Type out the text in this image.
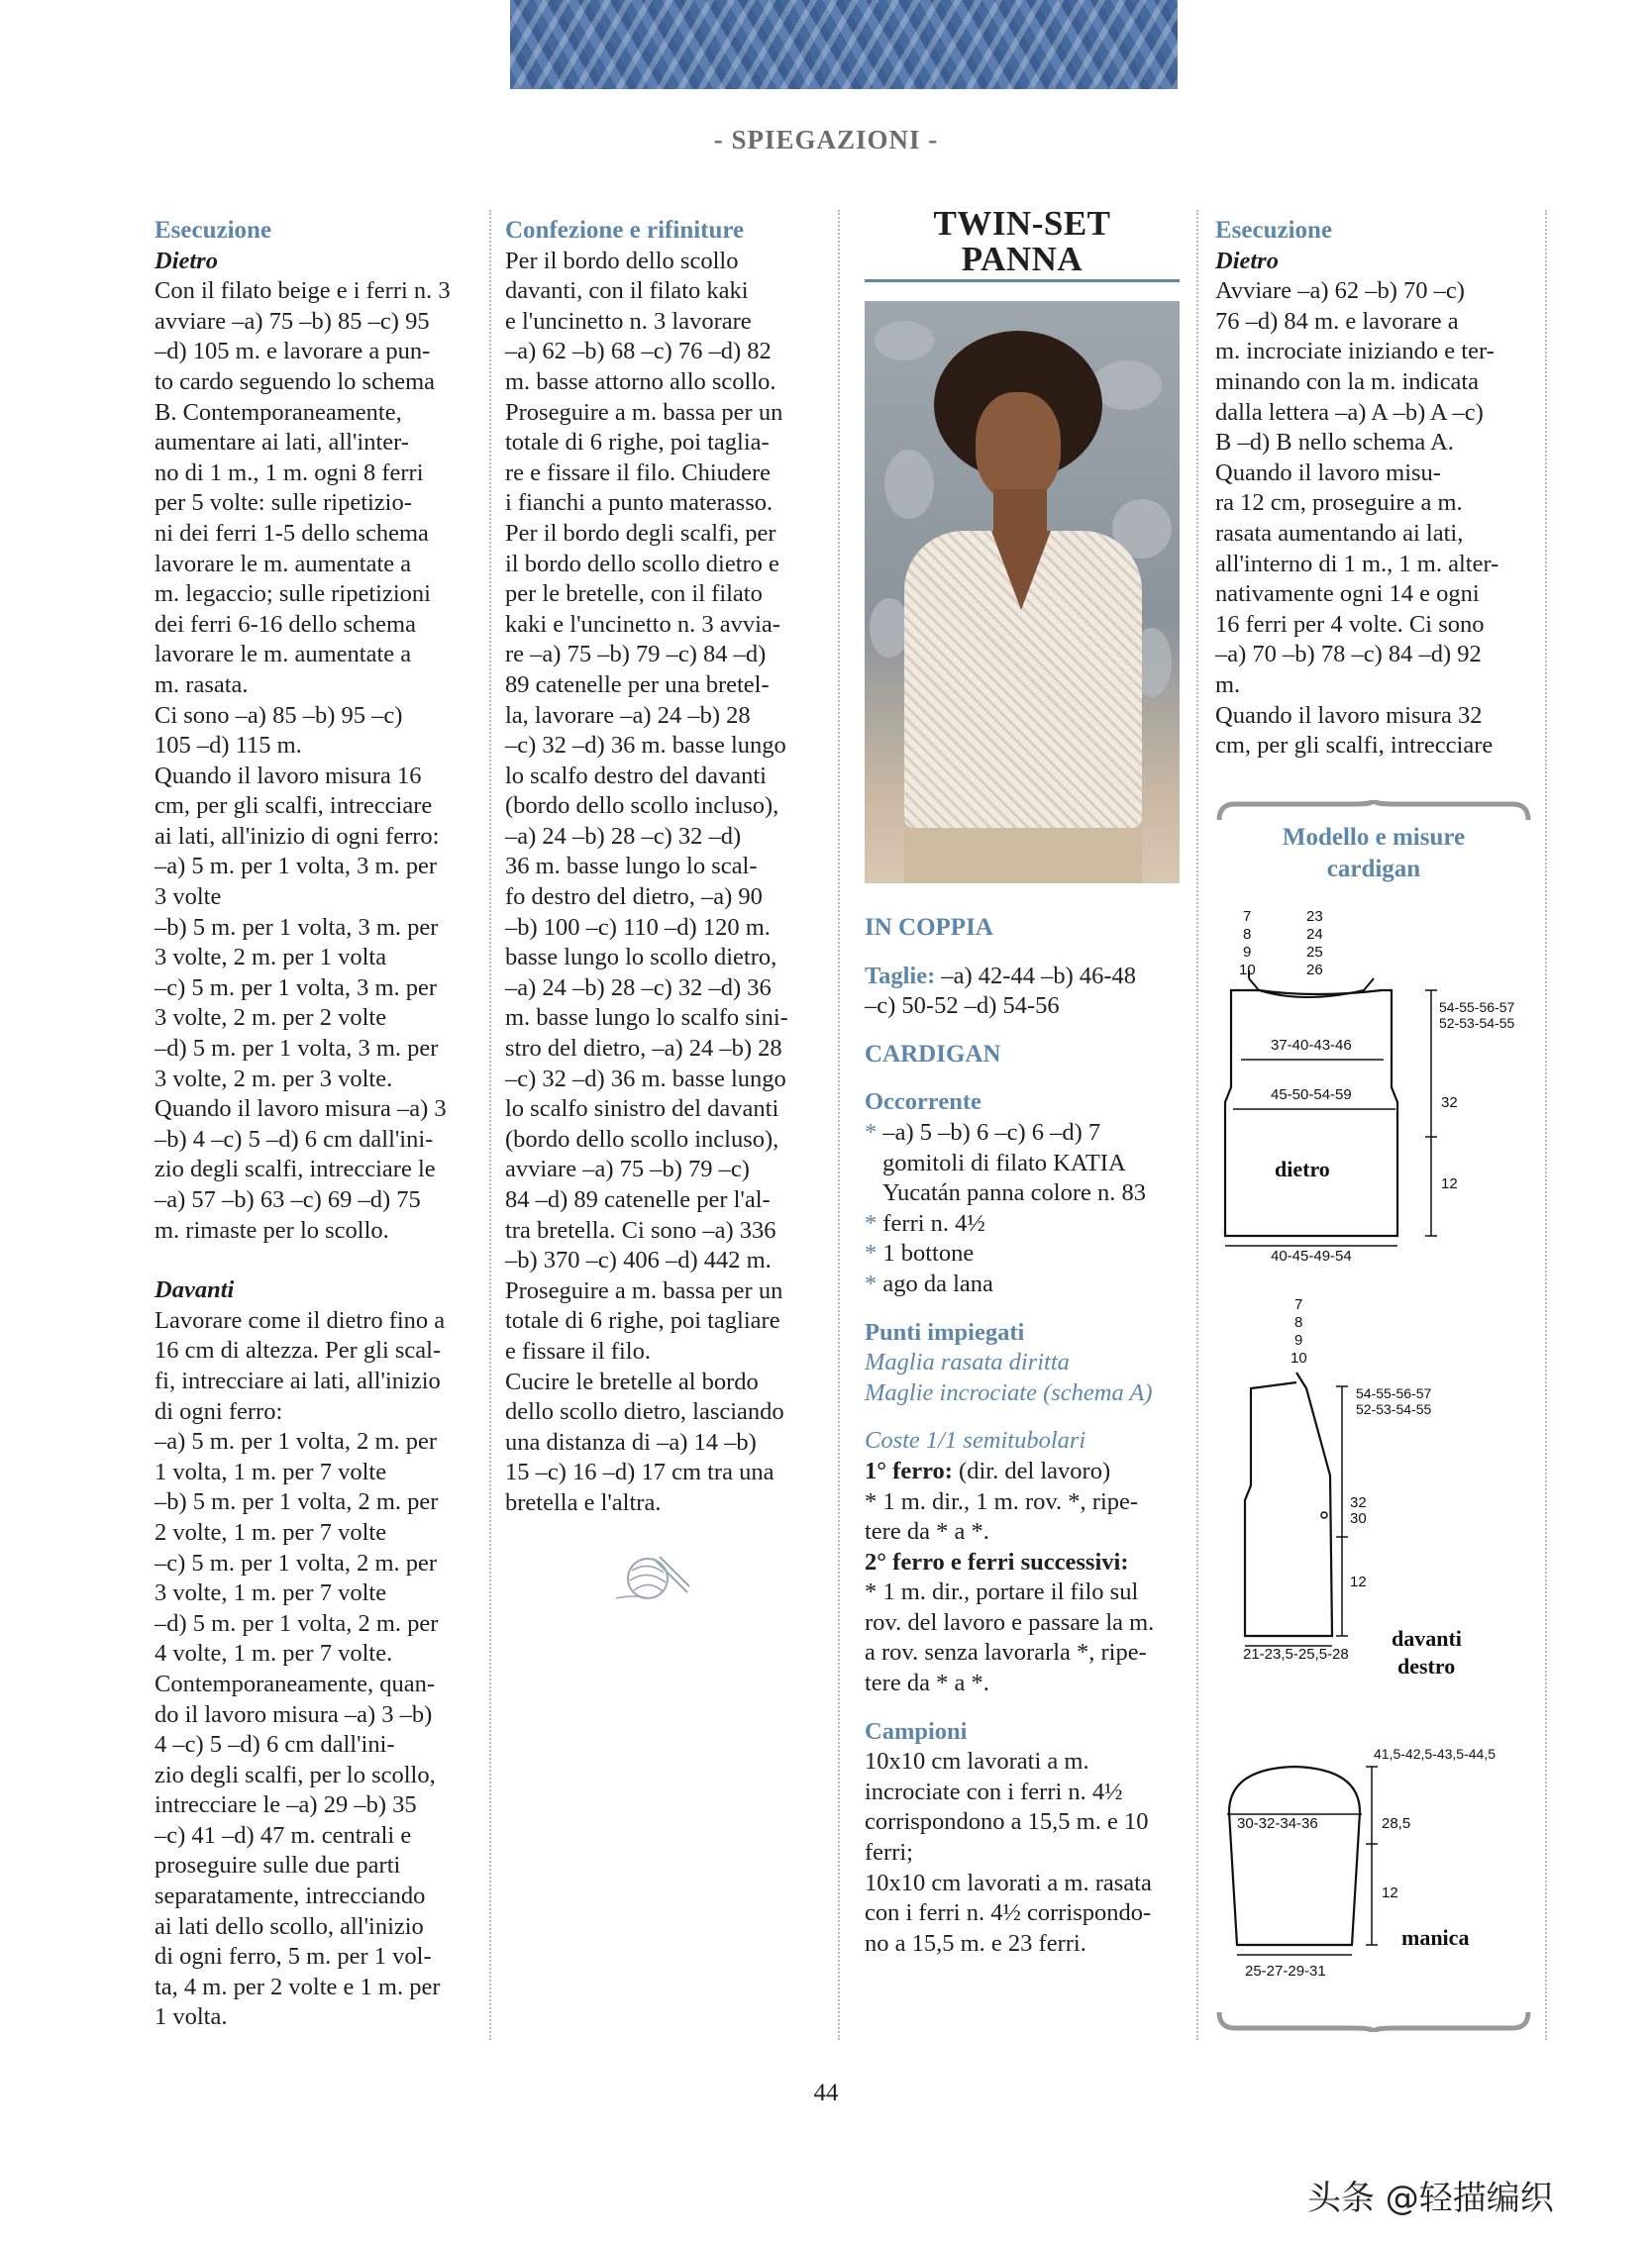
- SPIEGAZIONI -

Esecuzione

Dietro

Con il filato beige e i ferri n. 3

avviare –a) 75 –b) 85 –c) 95

–d) 105 m. e lavorare a pun-

to cardo seguendo lo schema

B. Contemporaneamente,

aumentare ai lati, all'inter-

no di 1 m., 1 m. ogni 8 ferri

per 5 volte: sulle ripetizio-

ni dei ferri 1-5 dello schema

lavorare le m. aumentate a

m. legaccio; sulle ripetizioni

dei ferri 6-16 dello schema

lavorare le m. aumentate a

m. rasata.

Ci sono –a) 85 –b) 95 –c)

105 –d) 115 m.

Quando il lavoro misura 16

cm, per gli scalfi, intrecciare

ai lati, all'inizio di ogni ferro:

–a) 5 m. per 1 volta, 3 m. per

3 volte

–b) 5 m. per 1 volta, 3 m. per

3 volte, 2 m. per 1 volta

–c) 5 m. per 1 volta, 3 m. per

3 volte, 2 m. per 2 volte

–d) 5 m. per 1 volta, 3 m. per

3 volte, 2 m. per 3 volte.

Quando il lavoro misura –a) 3

–b) 4 –c) 5 –d) 6 cm dall'ini-

zio degli scalfi, intrecciare le

–a) 57 –b) 63 –c) 69 –d) 75

m. rimaste per lo scollo.

Davanti

Lavorare come il dietro fino a

16 cm di altezza. Per gli scal-

fi, intrecciare ai lati, all'inizio

di ogni ferro:

–a) 5 m. per 1 volta, 2 m. per

1 volta, 1 m. per 7 volte

–b) 5 m. per 1 volta, 2 m. per

2 volte, 1 m. per 7 volte

–c) 5 m. per 1 volta, 2 m. per

3 volte, 1 m. per 7 volte

–d) 5 m. per 1 volta, 2 m. per

4 volte, 1 m. per 7 volte.

Contemporaneamente, quan-

do il lavoro misura –a) 3 –b)

4 –c) 5 –d) 6 cm dall'ini-

zio degli scalfi, per lo scollo,

intrecciare le –a) 29 –b) 35

–c) 41 –d) 47 m. centrali e

proseguire sulle due parti

separatamente, intrecciando

ai lati dello scollo, all'inizio

di ogni ferro, 5 m. per 1 vol-

ta, 4 m. per 2 volte e 1 m. per

1 volta.

Confezione e rifiniture

Per il bordo dello scollo

davanti, con il filato kaki

e l'uncinetto n. 3 lavorare

–a) 62 –b) 68 –c) 76 –d) 82

m. basse attorno allo scollo.

Proseguire a m. bassa per un

totale di 6 righe, poi taglia-

re e fissare il filo. Chiudere

i fianchi a punto materasso.

Per il bordo degli scalfi, per

il bordo dello scollo dietro e

per le bretelle, con il filato

kaki e l'uncinetto n. 3 avvia-

re –a) 75 –b) 79 –c) 84 –d)

89 catenelle per una bretel-

la, lavorare –a) 24 –b) 28

–c) 32 –d) 36 m. basse lungo

lo scalfo destro del davanti

(bordo dello scollo incluso),

–a) 24 –b) 28 –c) 32 –d)

36 m. basse lungo lo scal-

fo destro del dietro, –a) 90

–b) 100 –c) 110 –d) 120 m.

basse lungo lo scollo dietro,

–a) 24 –b) 28 –c) 32 –d) 36

m. basse lungo lo scalfo sini-

stro del dietro, –a) 24 –b) 28

–c) 32 –d) 36 m. basse lungo

lo scalfo sinistro del davanti

(bordo dello scollo incluso),

avviare –a) 75 –b) 79 –c)

84 –d) 89 catenelle per l'al-

tra bretella. Ci sono –a) 336

–b) 370 –c) 406 –d) 442 m.

Proseguire a m. bassa per un

totale di 6 righe, poi tagliare

e fissare il filo.

Cucire le bretelle al bordo

dello scollo dietro, lasciando

una distanza di –a) 14 –b)

15 –c) 16 –d) 17 cm tra una

bretella e l'altra.

TWIN-SET
PANNA

IN COPPIA

Taglie: –a) 42-44 –b) 46-48

–c) 50-52 –d) 54-56

CARDIGAN

Occorrente

* –a) 5 –b) 6 –c) 6 –d) 7

gomitoli di filato KATIA

Yucatán panna colore n. 83

* ferri n. 4½

* 1 bottone

* ago da lana

Punti impiegati

Maglia rasata diritta

Maglie incrociate (schema A)

Coste 1/1 semitubolari

1° ferro: (dir. del lavoro)

* 1 m. dir., 1 m. rov. *, ripe-

tere da * a *.

2° ferro e ferri successivi:

* 1 m. dir., portare il filo sul

rov. del lavoro e passare la m.

a rov. senza lavorarla *, ripe-

tere da * a *.

Campioni

10x10 cm lavorati a m.

incrociate con i ferri n. 4½

corrispondono a 15,5 m. e 10

ferri;

10x10 cm lavorati a m. rasata

con i ferri n. 4½ corrispondo-

no a 15,5 m. e 23 ferri.

Esecuzione

Dietro

Avviare –a) 62 –b) 70 –c)

76 –d) 84 m. e lavorare a

m. incrociate iniziando e ter-

minando con la m. indicata

dalla lettera –a) A –b) A –c)

B –d) B nello schema A.

Quando il lavoro misu-

ra 12 cm, proseguire a m.

rasata aumentando ai lati,

all'interno di 1 m., 1 m. alter-

nativamente ogni 14 e ogni

16 ferri per 4 volte. Ci sono

–a) 70 –b) 78 –c) 84 –d) 92

m.

Quando il lavoro misura 32

cm, per gli scalfi, intrecciare

Modello e misure
cardigan
7
8
9
10
23
24
25
26
54-55-56-57
52-53-54-55
37-40-43-46
45-50-54-59	32
12
40-45-49-54
dietro
7
8
9
10
54-55-56-57
52-53-54-55
32
30
12
21-23,5-25,5-28
davanti
destro
41,5-42,5-43,5-44,5
30-32-34-36	28,5
12
25-27-29-31
manica
44
头条 @轻描编织
